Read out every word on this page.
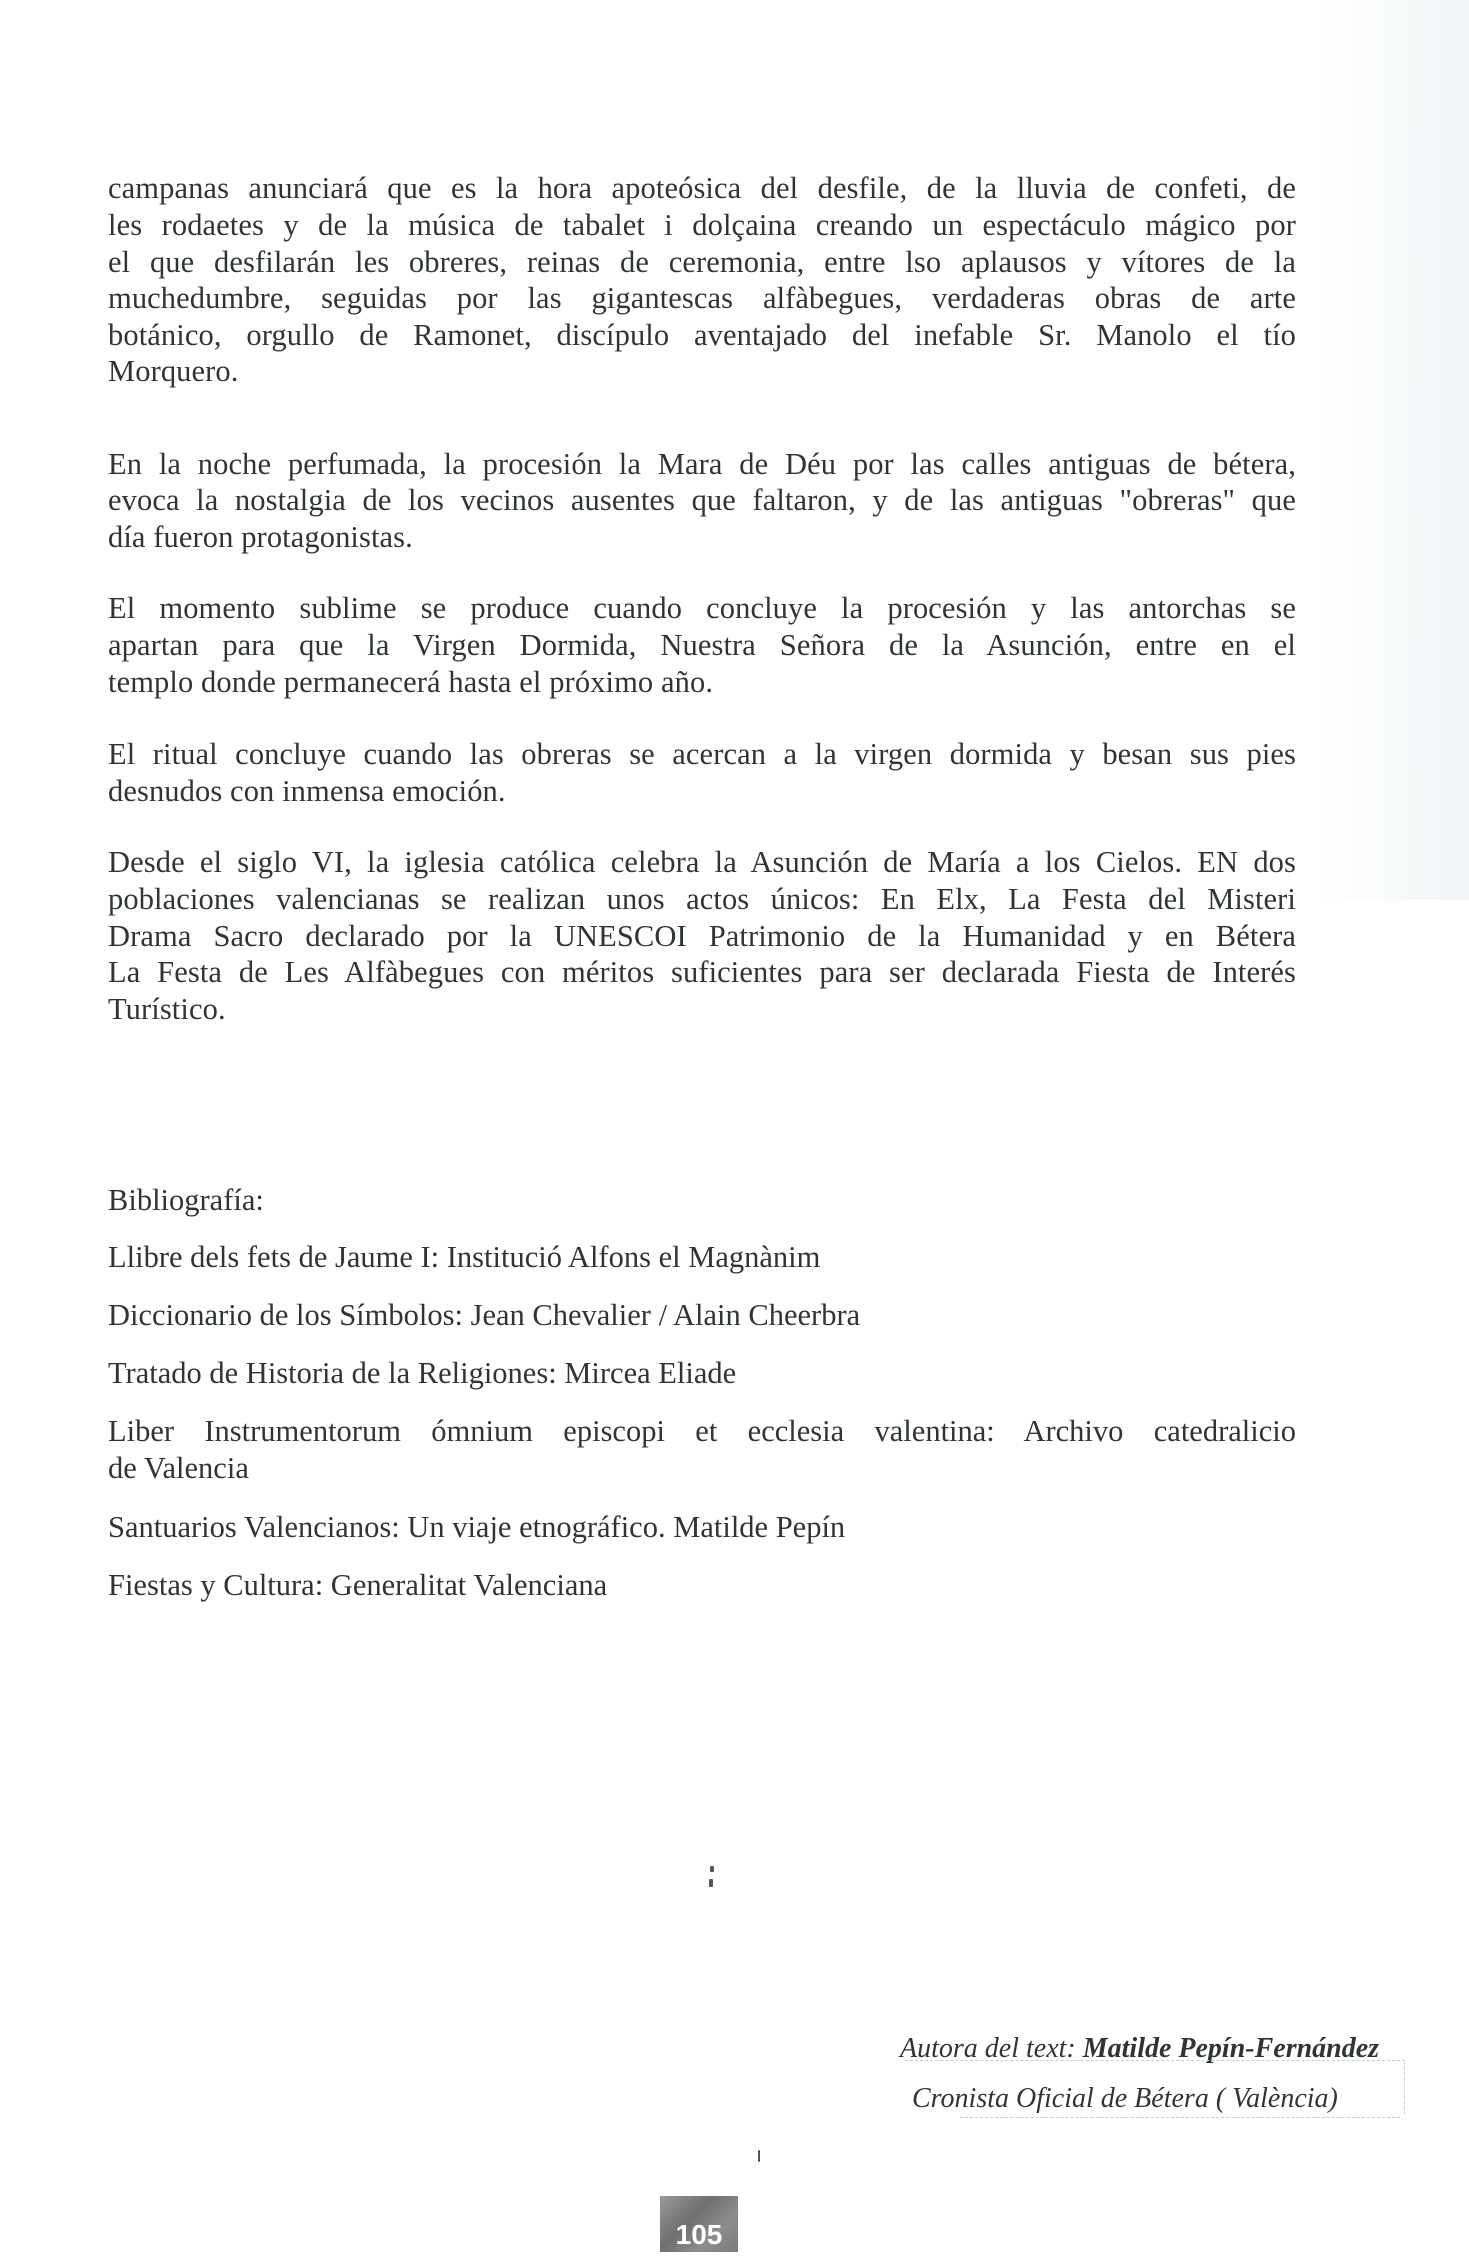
campanas anunciará que es la hora apoteósica del desfile, de la lluvia de confeti, de
les rodaetes y de la música de tabalet i dolçaina creando un espectáculo mágico por
el que desfilarán les obreres, reinas de ceremonia, entre lso aplausos y vítores de la
muchedumbre, seguidas por las gigantescas alfàbegues, verdaderas obras de arte
botánico, orgullo de Ramonet, discípulo aventajado del inefable Sr. Manolo el tío
Morquero.
En la noche perfumada, la procesión la Mara de Déu por las calles antiguas de bétera,
evoca la nostalgia de los vecinos ausentes que faltaron, y de las antiguas "obreras" que
día fueron protagonistas.
El momento sublime se produce cuando concluye la procesión y las antorchas se
apartan para que la Virgen Dormida, Nuestra Señora de la Asunción, entre en el
templo donde permanecerá hasta el próximo año.
El ritual concluye cuando las obreras se acercan a la virgen dormida y besan sus pies
desnudos con inmensa emoción.
Desde el siglo VI, la iglesia católica celebra la Asunción de María a los Cielos. EN dos
poblaciones valencianas se realizan unos actos únicos: En Elx, La Festa del Misteri
Drama Sacro declarado por la UNESCOI Patrimonio de la Humanidad y en Bétera
La Festa de Les Alfàbegues con méritos suficientes para ser declarada Fiesta de Interés
Turístico.
Bibliografía:
Llibre dels fets de Jaume I: Institució Alfons el Magnànim
Diccionario de los Símbolos: Jean Chevalier / Alain Cheerbra
Tratado de Historia de la Religiones: Mircea Eliade
Liber Instrumentorum ómnium episcopi et ecclesia valentina: Archivo catedralicio
de Valencia
Santuarios Valencianos: Un viaje etnográfico. Matilde Pepín
Fiestas y Cultura: Generalitat Valenciana
Autora del text: Matilde Pepín-Fernández
Cronista Oficial de Bétera ( València)
105
